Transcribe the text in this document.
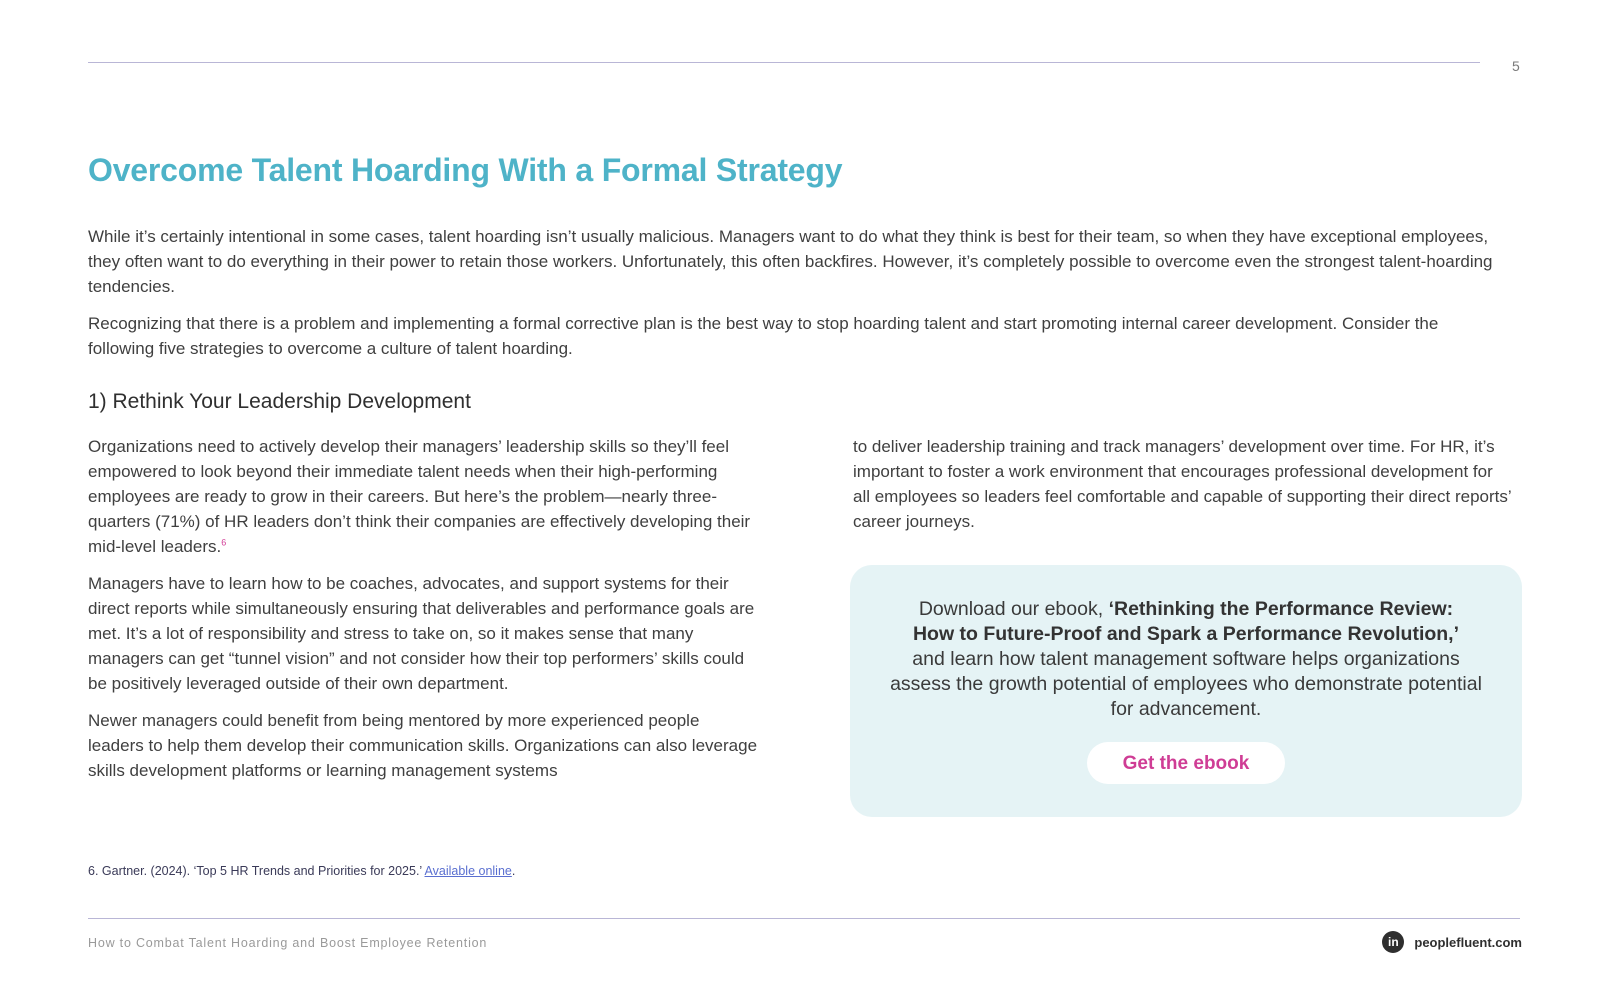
5
Overcome Talent Hoarding With a Formal Strategy

While it’s certainly intentional in some cases, talent hoarding isn’t usually malicious. Managers want to do what they think is best for their team, so when they have exceptional employees, they often want to do everything in their power to retain those workers. Unfortunately, this often backfires. However, it’s completely possible to overcome even the strongest talent-hoarding tendencies.

Recognizing that there is a problem and implementing a formal corrective plan is the best way to stop hoarding talent and start promoting internal career development. Consider the following five strategies to overcome a culture of talent hoarding.

1) Rethink Your Leadership Development

Organizations need to actively develop their managers’ leadership skills so they’ll feel empowered to look beyond their immediate talent needs when their high-performing employees are ready to grow in their careers. But here’s the problem—nearly three-quarters (71%) of HR leaders don’t think their companies are effectively developing their mid-level leaders.$^6$

Managers have to learn how to be coaches, advocates, and support systems for their direct reports while simultaneously ensuring that deliverables and performance goals are met. It’s a lot of responsibility and stress to take on, so it makes sense that many managers can get “tunnel vision” and not consider how their top performers’ skills could be positively leveraged outside of their own department.

Newer managers could benefit from being mentored by more experienced people leaders to help them develop their communication skills. Organizations can also leverage skills development platforms or learning management systems

to deliver leadership training and track managers’ development over time. For HR, it’s important to foster a work environment that encourages professional development for all employees so leaders feel comfortable and capable of supporting their direct reports’ career journeys.

Download our ebook, ‘Rethinking the Performance Review:
How to Future-Proof and Spark a Performance Revolution,’
and learn how talent management software helps organizations assess the growth potential of employees who demonstrate potential for advancement.
Get the ebook
6. Gartner. (2024). ‘Top 5 HR Trends and Priorities for 2025.’ Available online.
How to Combat Talent Hoarding and Boost Employee Retention	in	peoplefluent.com
